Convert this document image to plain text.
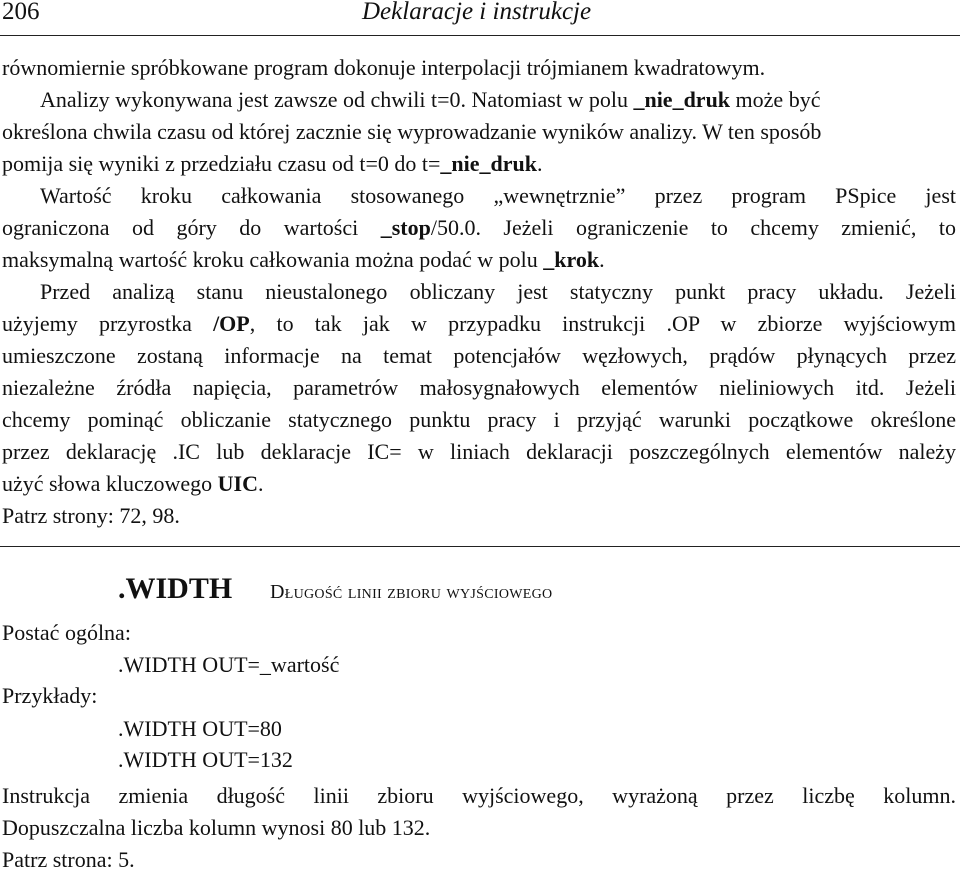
206	Deklaracje i instrukcje
równomiernie spróbkowane program dokonuje interpolacji trójmianem kwadratowym.
Analizy wykonywana jest zawsze od chwili t=0. Natomiast w polu _nie_druk może być
określona chwila czasu od której zacznie się wyprowadzanie wyników analizy. W ten sposób
pomija się wyniki z przedziału czasu od t=0 do t=_nie_druk.
Wartość kroku całkowania stosowanego „wewnętrznie” przez program PSpice jest
ograniczona od góry do wartości _stop/50.0. Jeżeli ograniczenie to chcemy zmienić, to
maksymalną wartość kroku całkowania można podać w polu _krok.
Przed analizą stanu nieustalonego obliczany jest statyczny punkt pracy układu. Jeżeli
użyjemy przyrostka /OP, to tak jak w przypadku instrukcji .OP w zbiorze wyjściowym
umieszczone zostaną informacje na temat potencjałów węzłowych, prądów płynących przez
niezależne źródła napięcia, parametrów małosygnałowych elementów nieliniowych itd. Jeżeli
chcemy pominąć obliczanie statycznego punktu pracy i przyjąć warunki początkowe określone
przez deklarację .IC lub deklaracje IC= w liniach deklaracji poszczególnych elementów należy
użyć słowa kluczowego UIC.
Patrz strony: 72, 98.
.WIDTH Długość linii zbioru wyjściowego
Postać ogólna:
.WIDTH OUT=_wartość
Przykłady:
.WIDTH OUT=80
.WIDTH OUT=132
Instrukcja zmienia długość linii zbioru wyjściowego, wyrażoną przez liczbę kolumn.
Dopuszczalna liczba kolumn wynosi 80 lub 132.
Patrz strona: 5.
